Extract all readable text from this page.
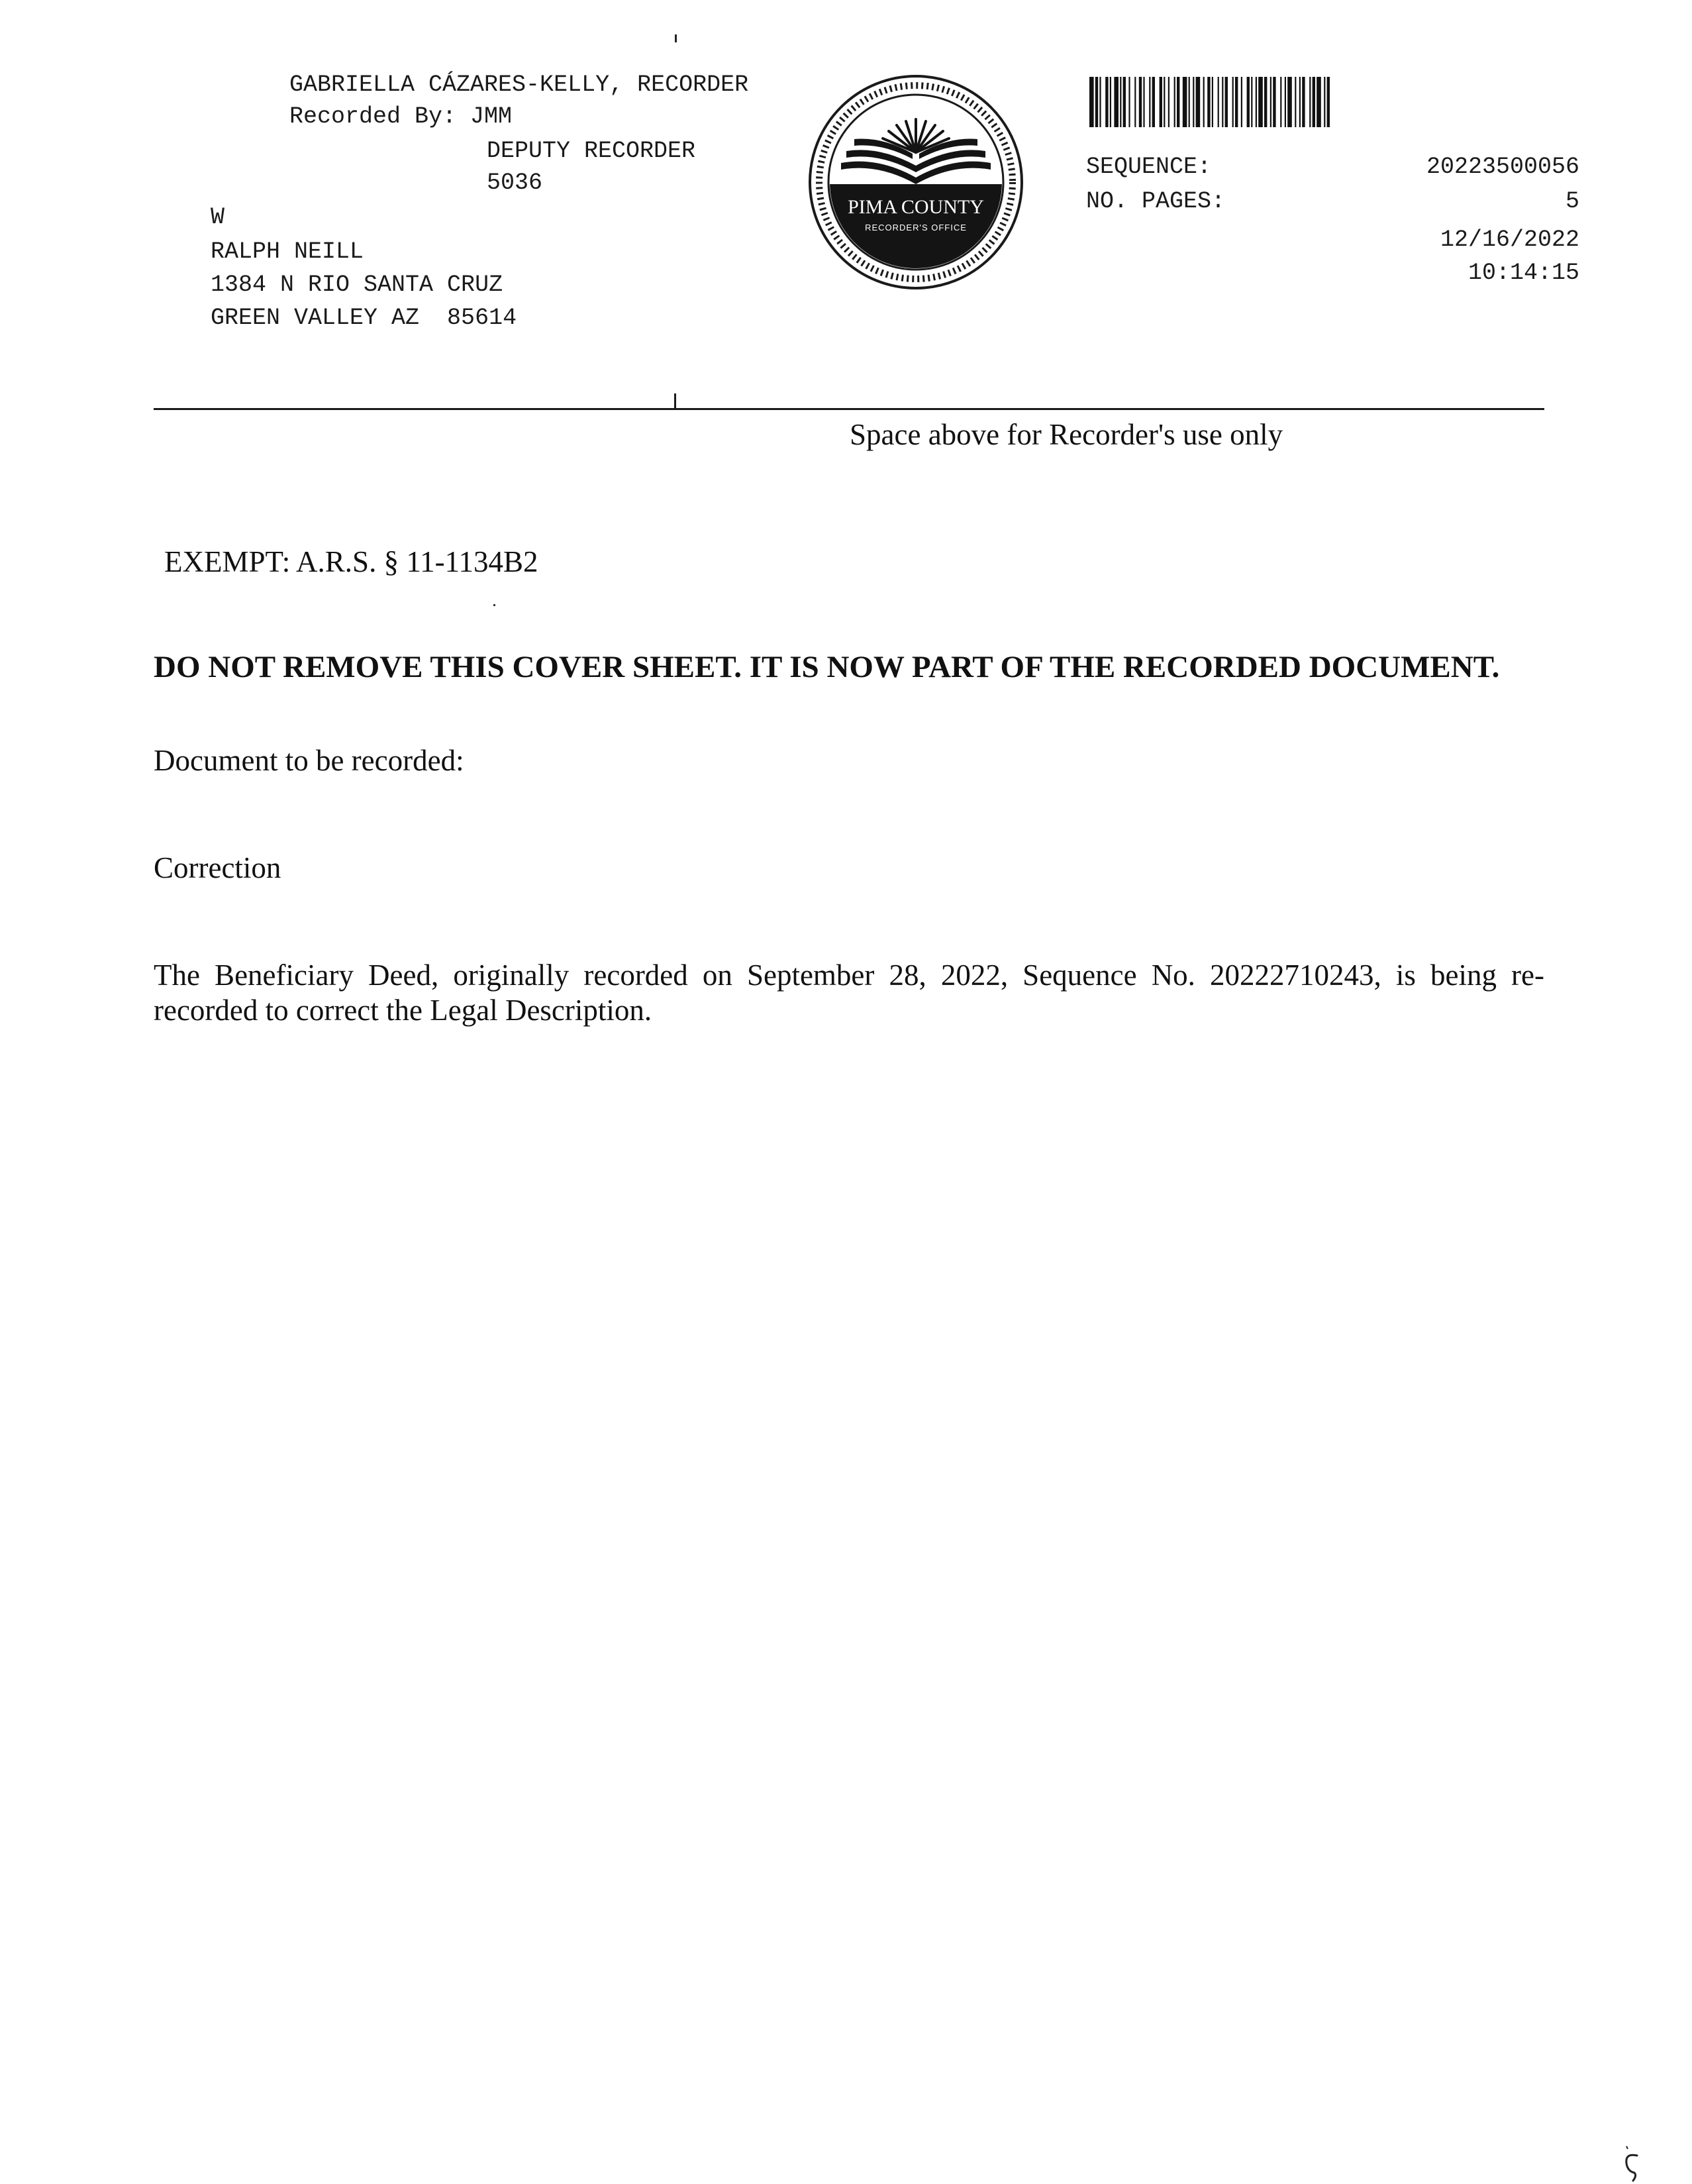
GABRIELLA CÁZARES-KELLY, RECORDER
Recorded By: JMM
DEPUTY RECORDER
5036
W
RALPH NEILL
1384 N RIO SANTA CRUZ
GREEN VALLEY AZ  85614
PIMA COUNTY
RECORDER'S OFFICE
SEQUENCE:	20223500056
NO. PAGES:	5
12/16/2022
10:14:15
Space above for Recorder's use only
EXEMPT: A.R.S. § 11-1134B2
DO NOT REMOVE THIS COVER SHEET. IT IS NOW PART OF THE RECORDED DOCUMENT.
Document to be recorded:
Correction
The Beneficiary Deed, originally recorded on September 28, 2022, Sequence No. 20222710243, is being re-recorded to correct the Legal Description.
